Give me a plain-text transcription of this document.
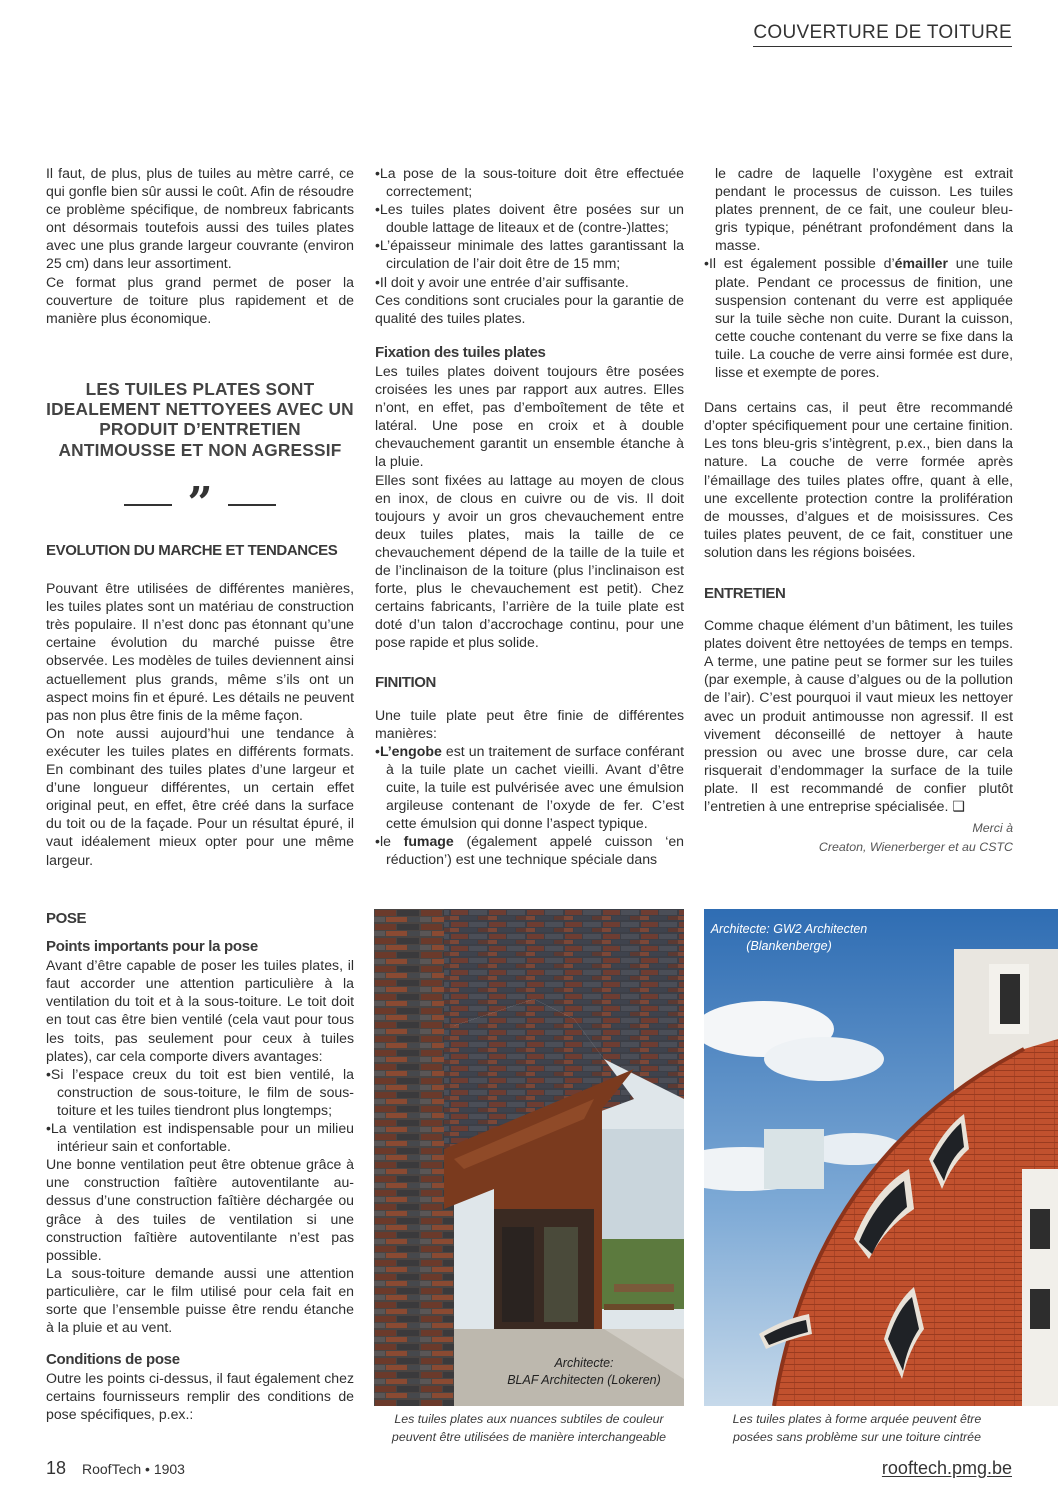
COUVERTURE DE TOITURE

Il faut, de plus, plus de tuiles au mètre carré, ce qui gonfle bien sûr aussi le coût. Afin de résoudre ce problème spécifique, de nombreux fabricants ont désormais toutefois aussi des tuiles plates avec une plus grande largeur couvrante (environ 25 cm) dans leur assortiment.

Ce format plus grand permet de poser la couverture de toiture plus rapidement et de manière plus économique.

LES TUILES PLATES SONT IDEALEMENT NETTOYEES AVEC UN PRODUIT D’ENTRETIEN ANTIMOUSSE ET NON AGRESSIF
”
EVOLUTION DU MARCHE ET TENDANCES

Pouvant être utilisées de différentes manières, les tuiles plates sont un matériau de construction très populaire. Il n’est donc pas étonnant qu’une certaine évolution du marché puisse être observée. Les modèles de tuiles deviennent ainsi actuellement plus grands, même s’ils ont un aspect moins fin et épuré. Les détails ne peuvent pas non plus être finis de la même façon.

On note aussi aujourd’hui une tendance à exécuter les tuiles plates en différents formats. En combinant des tuiles plates d’une largeur et d’une longueur différentes, un certain effet original peut, en effet, être créé dans la surface du toit ou de la façade. Pour un résultat épuré, il vaut idéalement mieux opter pour une même largeur.

POSE
Points importants pour la pose

Avant d’être capable de poser les tuiles plates, il faut accorder une attention particulière à la ventilation du toit et à la sous-toiture. Le toit doit en tout cas être bien ventilé (cela vaut pour tous les toits, pas seulement pour ceux à tuiles plates), car cela comporte divers avantages:

•Si l’espace creux du toit est bien ventilé, la construction de sous-toiture, le film de sous-toiture et les tuiles tiendront plus longtemps;
•La ventilation est indispensable pour un milieu intérieur sain et confortable.

Une bonne ventilation peut être obtenue grâce à une construction faîtière autoventilante au-dessus d’une construction faîtière déchargée ou grâce à des tuiles de ventilation si une construction faîtière autoventilante n’est pas possible.

La sous-toiture demande aussi une attention particulière, car le film utilisé pour cela fait en sorte que l’ensemble puisse être rendu étanche à la pluie et au vent.

Conditions de pose

Outre les points ci-dessus, il faut également chez certains fournisseurs remplir des conditions de pose spécifiques, p.ex.:

•La pose de la sous-toiture doit être effectuée correctement;
•Les tuiles plates doivent être posées sur un double lattage de liteaux et de (contre-)lattes;
•L’épaisseur minimale des lattes garantissant la circulation de l’air doit être de 15 mm;
•Il doit y avoir une entrée d’air suffisante.

Ces conditions sont cruciales pour la garantie de qualité des tuiles plates.

Fixation des tuiles plates

Les tuiles plates doivent toujours être posées croisées les unes par rapport aux autres. Elles n’ont, en effet, pas d’emboîtement de tête et latéral. Une pose en croix et à double chevauchement garantit un ensemble étanche à la pluie.

Elles sont fixées au lattage au moyen de clous en inox, de clous en cuivre ou de vis. Il doit toujours y avoir un gros chevauchement entre deux tuiles plates, mais la taille de ce chevauchement dépend de la taille de la tuile et de l’inclinaison de la toiture (plus l’inclinaison est forte, plus le chevauchement est petit). Chez certains fabricants, l’arrière de la tuile plate est doté d’un talon d’accrochage continu, pour une pose rapide et plus solide.

FINITION

Une tuile plate peut être finie de différentes manières:

•L’engobe est un traitement de surface conférant à la tuile plate un cachet vieilli. Avant d’être cuite, la tuile est pulvérisée avec une émulsion argileuse contenant de l’oxyde de fer. C’est cette émulsion qui donne l’aspect typique.
•le fumage (également appelé cuisson ‘en réduction’) est une technique spéciale dans

le cadre de laquelle l’oxygène est extrait pendant le processus de cuisson. Les tuiles plates prennent, de ce fait, une couleur bleu-gris typique, pénétrant profondément dans la masse.

•Il est également possible d’émailler une tuile plate. Pendant ce processus de finition, une suspension contenant du verre est appliquée sur la tuile sèche non cuite. Durant la cuisson, cette couche contenant du verre se fixe dans la tuile. La couche de verre ainsi formée est dure, lisse et exempte de pores.

Dans certains cas, il peut être recommandé d’opter spécifiquement pour une certaine finition. Les tons bleu-gris s’intègrent, p.ex., bien dans la nature. La couche de verre formée après l’émaillage des tuiles plates offre, quant à elle, une excellente protection contre la prolifération de mousses, d’algues et de moisissures. Ces tuiles plates peuvent, de ce fait, constituer une solution dans les régions boisées.

ENTRETIEN

Comme chaque élément d’un bâtiment, les tuiles plates doivent être nettoyées de temps en temps. A terme, une patine peut se former sur les tuiles (par exemple, à cause d’algues ou de la pollution de l’air). C’est pourquoi il vaut mieux les nettoyer avec un produit antimousse non agressif. Il est vivement déconseillé de nettoyer à haute pression ou avec une brosse dure, car cela risquerait d’endommager la surface de la tuile plate. Il est recommandé de confier plutôt l’entretien à une entreprise spécialisée. ❑

Merci à
Creaton, Wienerberger et au CSTC
Architecte:
BLAF Architecten (Lokeren)
Les tuiles plates aux nuances subtiles de couleur peuvent être utilisées de manière interchangeable
Architecte: GW2 Architecten
(Blankenberge)
Les tuiles plates à forme arquée peuvent être posées sans problème sur une toiture cintrée
18 RoofTech • 1903	rooftech.pmg.be
